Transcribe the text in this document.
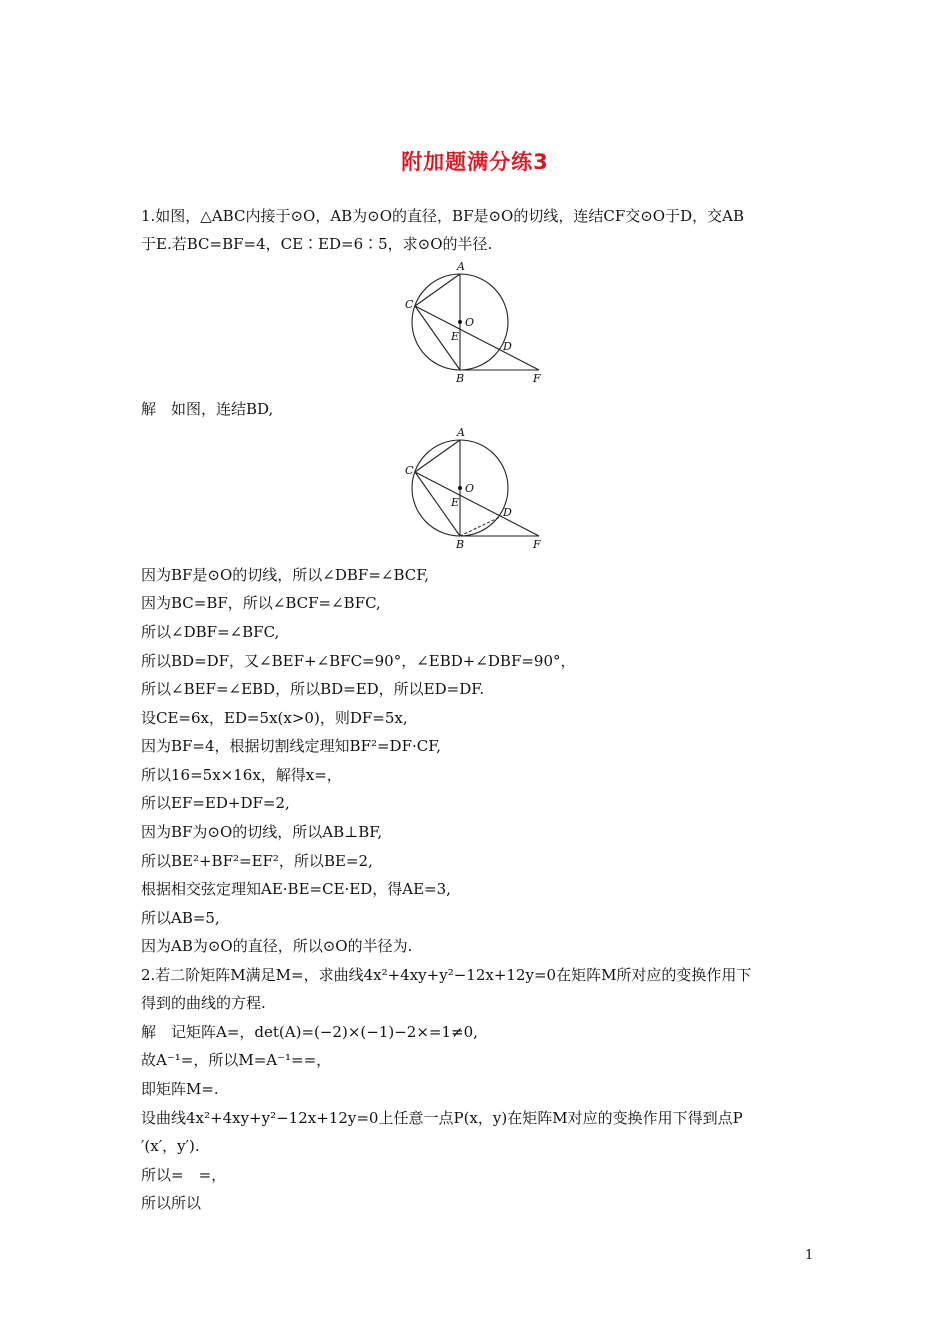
附加题满分练3
1.如图，△ABC内接于⊙O，AB为⊙O的直径，BF是⊙O的切线，连结CF交⊙O于D，交AB
于E.若BC=BF=4，CE∶ED=6∶5，求⊙O的半径.
A
C
O
E
D
B	F
解　如图，连结BD,
A
C
O
E
D
B	F
因为BF是⊙O的切线，所以∠DBF=∠BCF,
因为BC=BF，所以∠BCF=∠BFC,
所以∠DBF=∠BFC,
所以BD=DF，又∠BEF+∠BFC=90°，∠EBD+∠DBF=90°，
所以∠BEF=∠EBD，所以BD=ED，所以ED=DF.
设CE=6x，ED=5x(x>0)，则DF=5x,
因为BF=4，根据切割线定理知BF²=DF·CF,
所以16=5x×16x，解得x=，
所以EF=ED+DF=2,
因为BF为⊙O的切线，所以AB⊥BF,
所以BE²+BF²=EF²，所以BE=2,
根据相交弦定理知AE·BE=CE·ED，得AE=3,
所以AB=5,
因为AB为⊙O的直径，所以⊙O的半径为.
2.若二阶矩阵M满足M=，求曲线4x²+4xy+y²−12x+12y=0在矩阵M所对应的变换作用下
得到的曲线的方程.
解　记矩阵A=，det(A)=(−2)×(−1)−2×=1≠0,
故A⁻¹=，所以M=A⁻¹==，
即矩阵M=.
设曲线4x²+4xy+y²−12x+12y=0上任意一点P(x，y)在矩阵M对应的变换作用下得到点P
′(x′，y′).
所以=　=，
所以所以
1
